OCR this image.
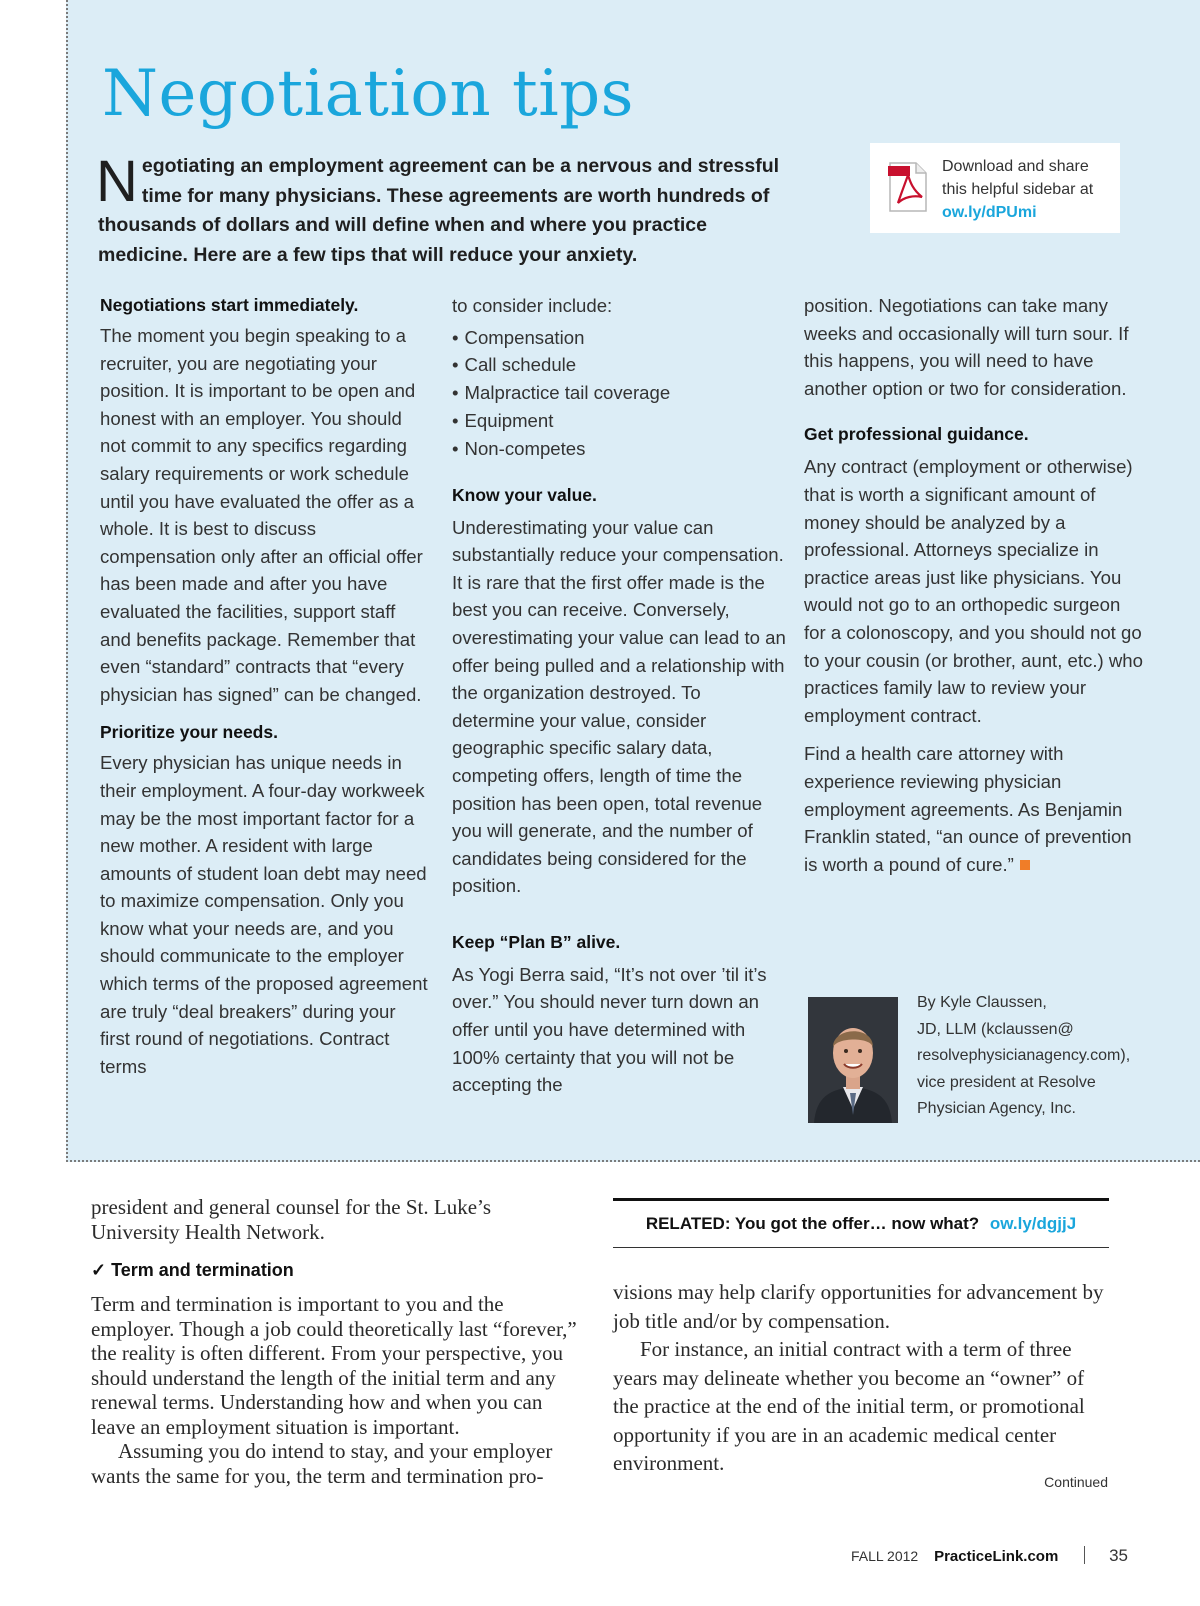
Negotiation tips

Negotiating an employment agreement can be a nervous and stressful time for many physicians. These agreements are worth hundreds of thousands of dollars and will define when and where you practice medicine. Here are a few tips that will reduce your anxiety.

Download and share
this helpful sidebar at
ow.ly/dPUmi
Negotiations start immediately.

The moment you begin speaking to a recruiter, you are negotiating your position. It is important to be open and honest with an employer. You should not commit to any specifics regarding salary requirements or work schedule until you have evaluated the offer as a whole. It is best to discuss compensation only after an official offer has been made and after you have evaluated the facilities, support staff and benefits package. Remember that even “standard” contracts that “every physician has signed” can be changed.

Prioritize your needs.

Every physician has unique needs in their employment. A four-day workweek may be the most important factor for a new mother. A resident with large amounts of student loan debt may need to maximize compensation. Only you know what your needs are, and you should communicate to the employer which terms of the proposed agreement are truly “deal breakers” during your first round of negotiations. Contract terms

to consider include:

• Compensation
• Call schedule
• Malpractice tail coverage
• Equipment
• Non-competes
Know your value.

Underestimating your value can substantially reduce your compensation. It is rare that the first offer made is the best you can receive. Conversely, overestimating your value can lead to an offer being pulled and a relationship with the organization destroyed. To determine your value, consider geographic specific salary data, competing offers, length of time the position has been open, total revenue you will generate, and the number of candidates being considered for the position.

Keep “Plan B” alive.

As Yogi Berra said, “It’s not over ’til it’s over.” You should never turn down an offer until you have determined with 100% certainty that you will not be accepting the

position. Negotiations can take many weeks and occasionally will turn sour. If this happens, you will need to have another option or two for consideration.

Get professional guidance.

Any contract (employment or otherwise) that is worth a significant amount of money should be analyzed by a professional. Attorneys specialize in practice areas just like physicians. You would not go to an orthopedic surgeon for a colonoscopy, and you should not go to your cousin (or brother, aunt, etc.) who practices family law to review your employment contract.

Find a health care attorney with experience reviewing physician employment agreements. As Benjamin Franklin stated, “an ounce of prevention is worth a pound of cure.”

By Kyle Claussen,
JD, LLM (kclaussen@
resolvephysicianagency.com),
vice president at Resolve
Physician Agency, Inc.

president and general counsel for the St. Luke’s University Health Network.

✓ Term and termination

Term and termination is important to you and the employer. Though a job could theoretically last “forever,” the reality is often different. From your perspective, you should understand the length of the initial term and any renewal terms. Understanding how and when you can leave an employment situation is important.

Assuming you do intend to stay, and your employer wants the same for you, the term and termination pro-

RELATED: You got the offer… now what? ow.ly/dgjjJ

visions may help clarify opportunities for advancement by job title and/or by compensation.

For instance, an initial contract with a term of three years may delineate whether you become an “owner” of the practice at the end of the initial term, or promotional opportunity if you are in an academic medical center environment.

Continued
FALL 2012 PracticeLink.com	35
